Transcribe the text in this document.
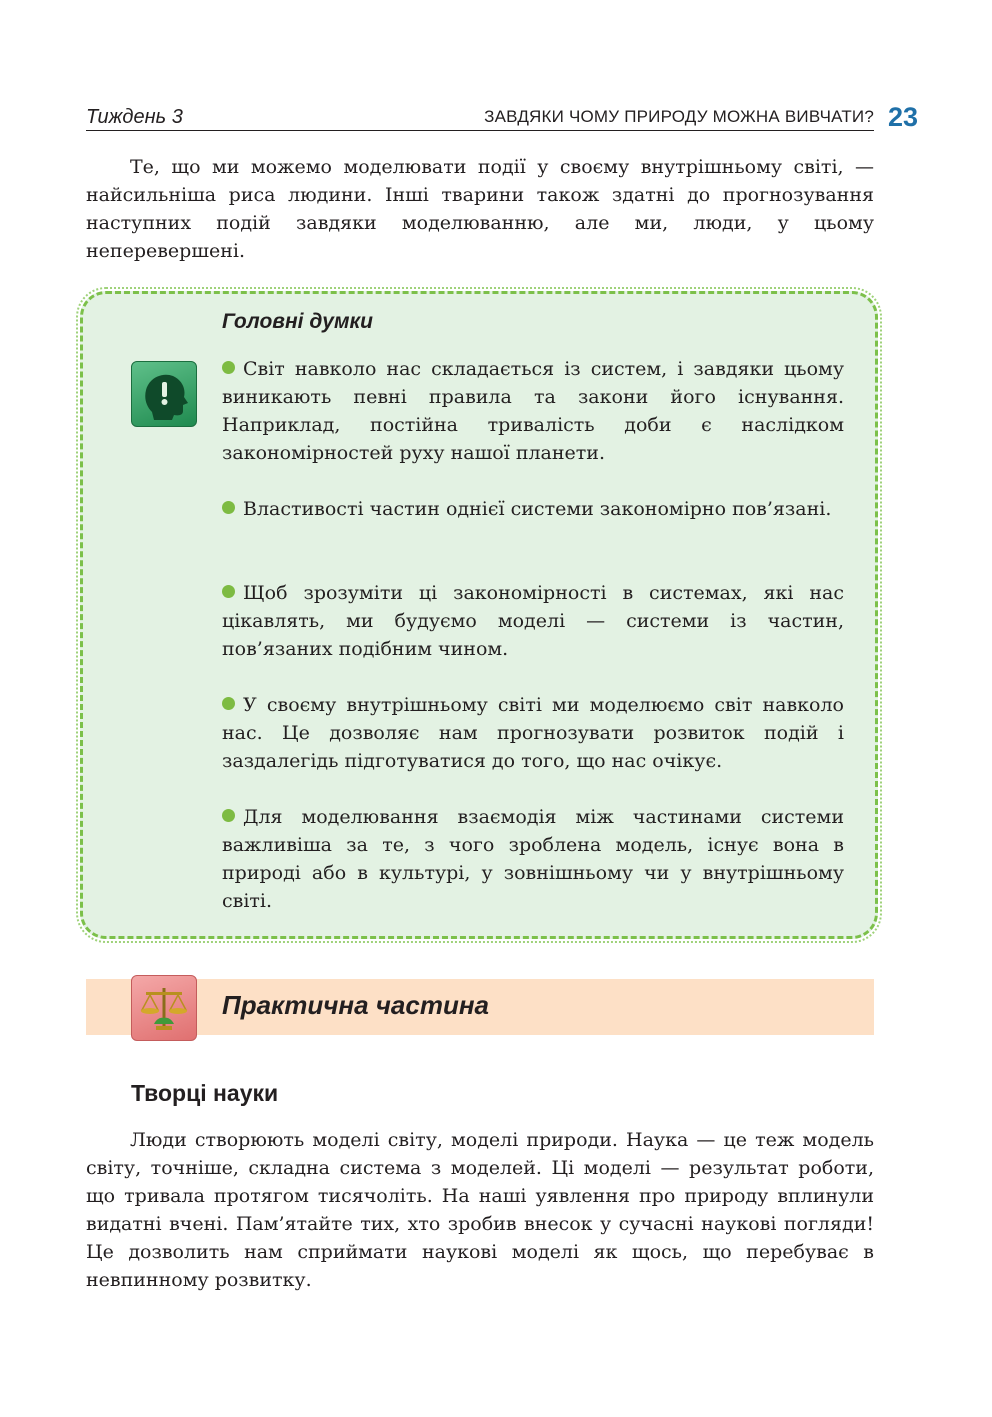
Тиждень 3	ЗАВДЯКИ ЧОМУ ПРИРОДУ МОЖНА ВИВЧАТИ? 23

Те, що ми можемо моделювати події у своєму внутрішньому світі, — найсильніша риса людини. Інші тварини також здатні до прогнозування наступних подій завдяки моделюванню, але ми, люди, у цьому неперевершені.

Головні думки

Світ навколо нас складається із систем, і завдяки цьому виникають певні правила та закони його існування. Наприклад, постійна тривалість доби є наслідком закономірностей руху нашої планети.

Властивості частин однієї системи закономірно пов’язані.

Щоб зрозуміти ці закономірності в системах, які нас цікавлять, ми будуємо моделі — системи із частин, пов’язаних подібним чином.

У своєму внутрішньому світі ми моделюємо світ навколо нас. Це дозволяє нам прогнозувати розвиток подій і заздалегідь підготуватися до того, що нас очікує.

Для моделювання взаємодія між частинами системи важливіша за те, з чого зроблена модель, існує вона в природі або в культурі, у зовнішньому чи у внутрішньому світі.

Практична частина
Творці науки

Люди створюють моделі світу, моделі природи. Наука — це теж модель світу, точніше, складна система з моделей. Ці моделі — результат роботи, що тривала протягом тисячоліть. На наші уявлення про природу вплинули видатні вчені. Пам’ятайте тих, хто зробив внесок у сучасні наукові погляди! Це дозволить нам сприймати наукові моделі як щось, що перебуває в невпинному розвитку.
